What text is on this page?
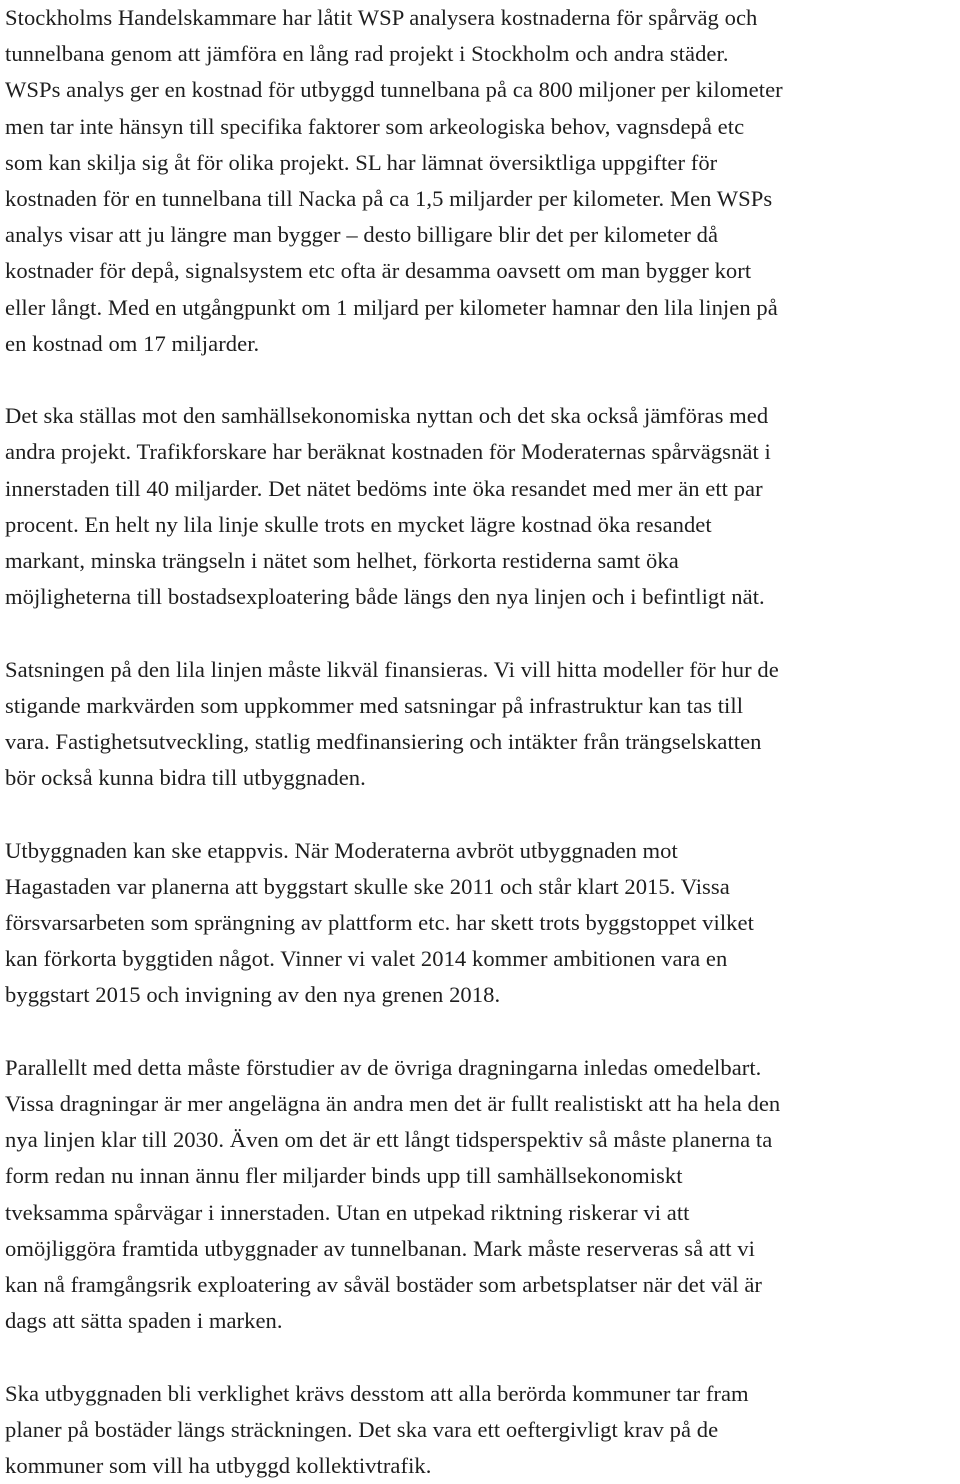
Stockholms Handelskammare har låtit WSP analysera kostnaderna för spårväg och
tunnelbana genom att jämföra en lång rad projekt i Stockholm och andra städer.
WSPs analys ger en kostnad för utbyggd tunnelbana på ca 800 miljoner per kilometer
men tar inte hänsyn till specifika faktorer som arkeologiska behov, vagnsdepå etc
som kan skilja sig åt för olika projekt. SL har lämnat översiktliga uppgifter för
kostnaden för en tunnelbana till Nacka på ca 1,5 miljarder per kilometer. Men WSPs
analys visar att ju längre man bygger – desto billigare blir det per kilometer då
kostnader för depå, signalsystem etc ofta är desamma oavsett om man bygger kort
eller långt. Med en utgångpunkt om 1 miljard per kilometer hamnar den lila linjen på
en kostnad om 17 miljarder.

Det ska ställas mot den samhällsekonomiska nyttan och det ska också jämföras med
andra projekt. Trafikforskare har beräknat kostnaden för Moderaternas spårvägsnät i
innerstaden till 40 miljarder. Det nätet bedöms inte öka resandet med mer än ett par
procent. En helt ny lila linje skulle trots en mycket lägre kostnad öka resandet
markant, minska trängseln i nätet som helhet, förkorta restiderna samt öka
möjligheterna till bostadsexploatering både längs den nya linjen och i befintligt nät.

Satsningen på den lila linjen måste likväl finansieras. Vi vill hitta modeller för hur de
stigande markvärden som uppkommer med satsningar på infrastruktur kan tas till
vara. Fastighetsutveckling, statlig medfinansiering och intäkter från trängselskatten
bör också kunna bidra till utbyggnaden.

Utbyggnaden kan ske etappvis. När Moderaterna avbröt utbyggnaden mot
Hagastaden var planerna att byggstart skulle ske 2011 och står klart 2015. Vissa
försvarsarbeten som sprängning av plattform etc. har skett trots byggstoppet vilket
kan förkorta byggtiden något. Vinner vi valet 2014 kommer ambitionen vara en
byggstart 2015 och invigning av den nya grenen 2018.

Parallellt med detta måste förstudier av de övriga dragningarna inledas omedelbart.
Vissa dragningar är mer angelägna än andra men det är fullt realistiskt att ha hela den
nya linjen klar till 2030. Även om det är ett långt tidsperspektiv så måste planerna ta
form redan nu innan ännu fler miljarder binds upp till samhällsekonomiskt
tveksamma spårvägar i innerstaden. Utan en utpekad riktning riskerar vi att
omöjliggöra framtida utbyggnader av tunnelbanan. Mark måste reserveras så att vi
kan nå framgångsrik exploatering av såväl bostäder som arbetsplatser när det väl är
dags att sätta spaden i marken.

Ska utbyggnaden bli verklighet krävs desstom att alla berörda kommuner tar fram
planer på bostäder längs sträckningen. Det ska vara ett oeftergivligt krav på de
kommuner som vill ha utbyggd kollektivtrafik.
